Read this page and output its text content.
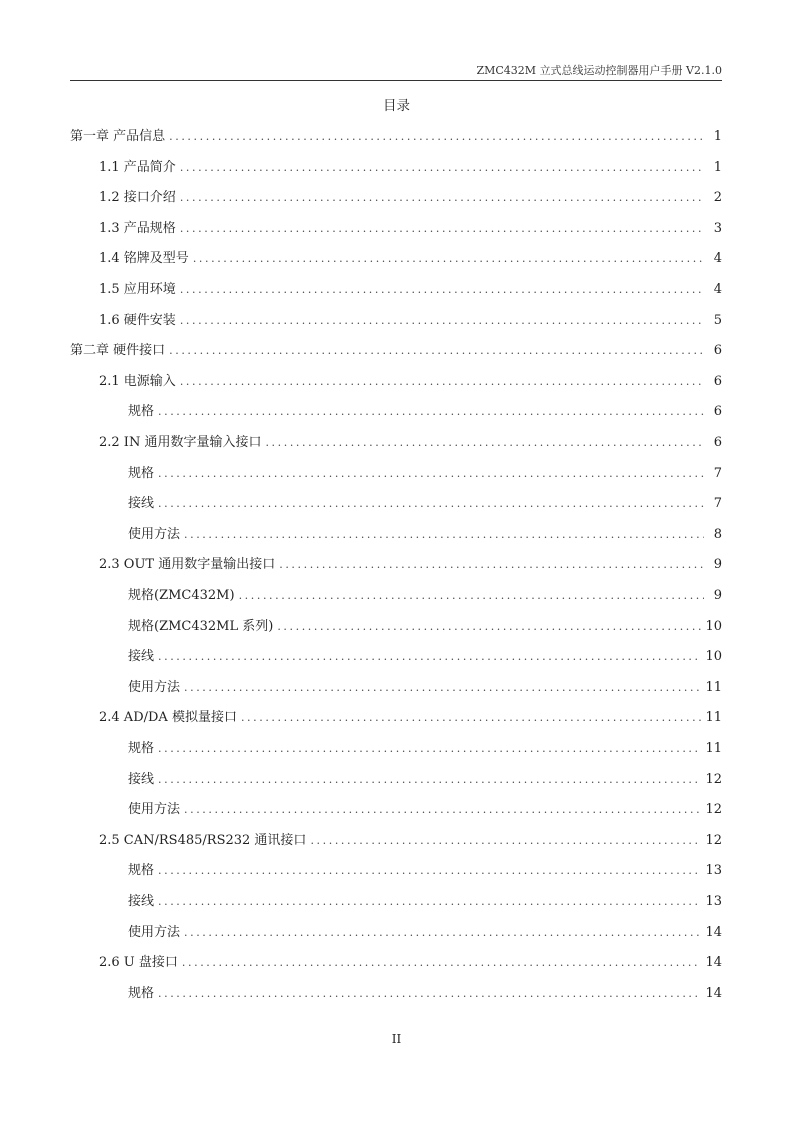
ZMC432M 立式总线运动控制器用户手册 V2.1.0
目录
第一章 产品信息 .....	1
1.1 产品简介 .....	1
1.2 接口介绍 .....	2
1.3 产品规格 .....	3
1.4 铭牌及型号 .....	4
1.5 应用环境 .....	4
1.6 硬件安装 .....	5
第二章 硬件接口 .....	6
2.1 电源输入 .....	6
规格 .....	6
2.2 IN 通用数字量输入接口 .....	6
规格 .....	7
接线 .....	7
使用方法 .....	8
2.3 OUT 通用数字量输出接口 .....	9
规格(ZMC432M) .....	9
规格(ZMC432ML 系列) .....	10
接线 .....	10
使用方法 .....	11
2.4 AD/DA 模拟量接口 .....	11
规格 .....	11
接线 .....	12
使用方法 .....	12
2.5 CAN/RS485/RS232 通讯接口 .....	12
规格 .....	13
接线 .....	13
使用方法 .....	14
2.6 U 盘接口 .....	14
规格 .....	14
II
